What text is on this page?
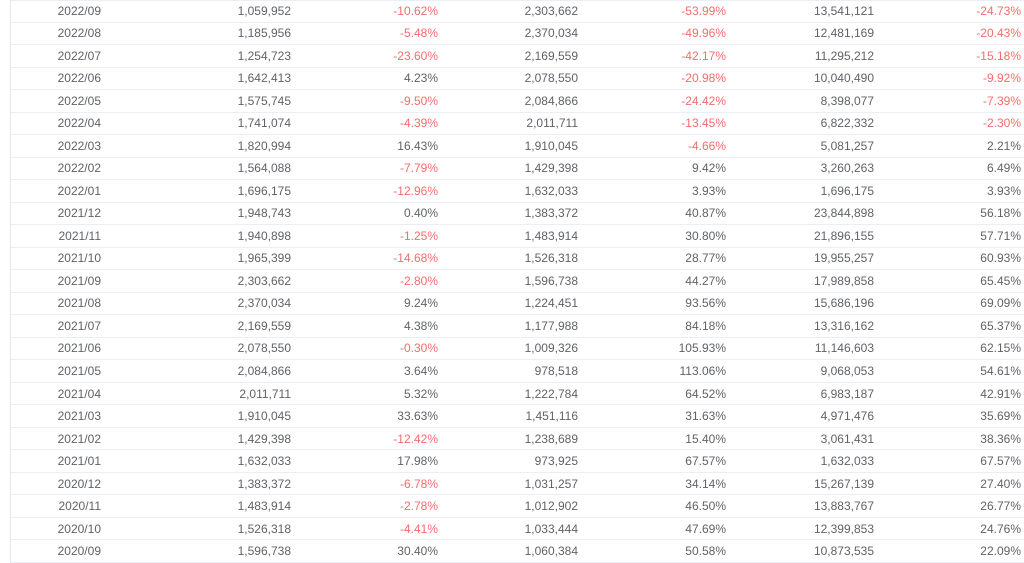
2022/09	1,059,952	-10.62%	2,303,662	-53.99%	13,541,121	-24.73%
2022/08	1,185,956	-5.48%	2,370,034	-49.96%	12,481,169	-20.43%
2022/07	1,254,723	-23.60%	2,169,559	-42.17%	11,295,212	-15.18%
2022/06	1,642,413	4.23%	2,078,550	-20.98%	10,040,490	-9.92%
2022/05	1,575,745	-9.50%	2,084,866	-24.42%	8,398,077	-7.39%
2022/04	1,741,074	-4.39%	2,011,711	-13.45%	6,822,332	-2.30%
2022/03	1,820,994	16.43%	1,910,045	-4.66%	5,081,257	2.21%
2022/02	1,564,088	-7.79%	1,429,398	9.42%	3,260,263	6.49%
2022/01	1,696,175	-12.96%	1,632,033	3.93%	1,696,175	3.93%
2021/12	1,948,743	0.40%	1,383,372	40.87%	23,844,898	56.18%
2021/11	1,940,898	-1.25%	1,483,914	30.80%	21,896,155	57.71%
2021/10	1,965,399	-14.68%	1,526,318	28.77%	19,955,257	60.93%
2021/09	2,303,662	-2.80%	1,596,738	44.27%	17,989,858	65.45%
2021/08	2,370,034	9.24%	1,224,451	93.56%	15,686,196	69.09%
2021/07	2,169,559	4.38%	1,177,988	84.18%	13,316,162	65.37%
2021/06	2,078,550	-0.30%	1,009,326	105.93%	11,146,603	62.15%
2021/05	2,084,866	3.64%	978,518	113.06%	9,068,053	54.61%
2021/04	2,011,711	5.32%	1,222,784	64.52%	6,983,187	42.91%
2021/03	1,910,045	33.63%	1,451,116	31.63%	4,971,476	35.69%
2021/02	1,429,398	-12.42%	1,238,689	15.40%	3,061,431	38.36%
2021/01	1,632,033	17.98%	973,925	67.57%	1,632,033	67.57%
2020/12	1,383,372	-6.78%	1,031,257	34.14%	15,267,139	27.40%
2020/11	1,483,914	-2.78%	1,012,902	46.50%	13,883,767	26.77%
2020/10	1,526,318	-4.41%	1,033,444	47.69%	12,399,853	24.76%
2020/09	1,596,738	30.40%	1,060,384	50.58%	10,873,535	22.09%
